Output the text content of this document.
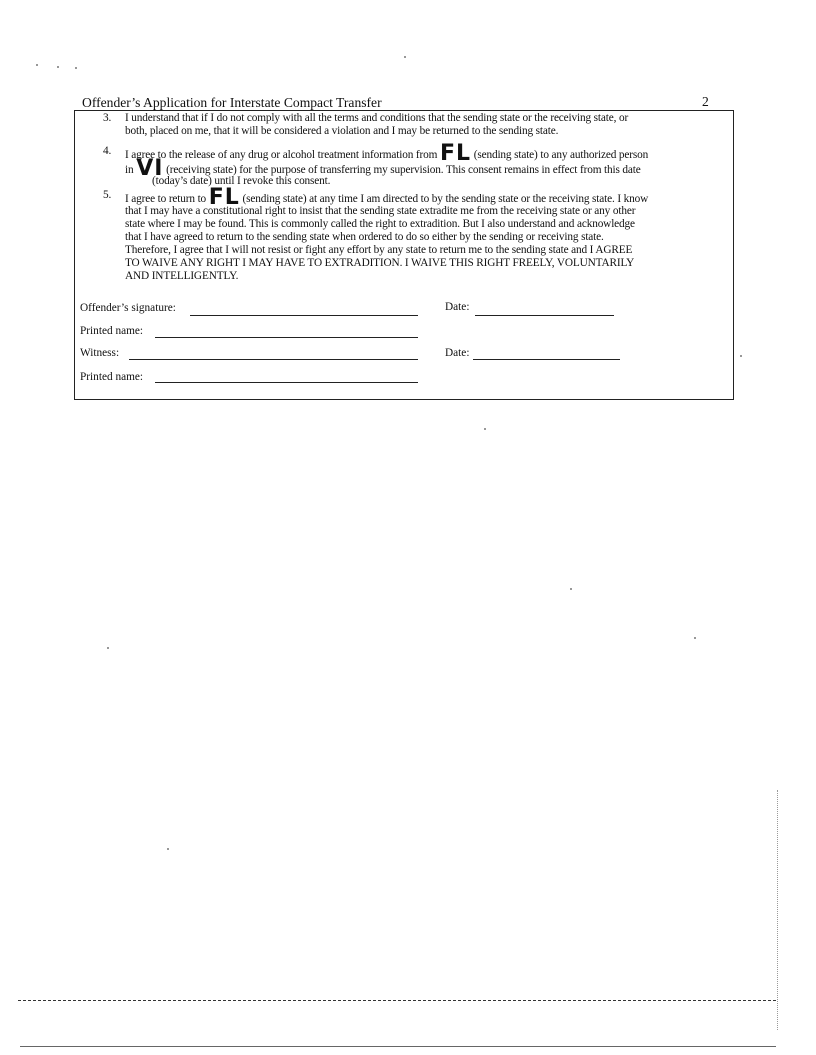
Offender’s Application for Interstate Compact Transfer	2
3. I understand that if I do not comply with all the terms and conditions that the sending state or the receiving state, or
both, placed on me, that it will be considered a violation and I may be returned to the sending state.
4. I agree to the release of any drug or alcohol treatment information from FL (sending state) to any authorized person
in VI (receiving state) for the purpose of transferring my supervision. This consent remains in effect from this date
(today’s date) until I revoke this consent.
5. I agree to return to FL (sending state) at any time I am directed to by the sending state or the receiving state. I know
that I may have a constitutional right to insist that the sending state extradite me from the receiving state or any other
state where I may be found. This is commonly called the right to extradition. But I also understand and acknowledge
that I have agreed to return to the sending state when ordered to do so either by the sending or receiving state.
Therefore, I agree that I will not resist or fight any effort by any state to return me to the sending state and I AGREE
TO WAIVE ANY RIGHT I MAY HAVE TO EXTRADITION. I WAIVE THIS RIGHT FREELY, VOLUNTARILY
AND INTELLIGENTLY.
Offender’s signature:	Date:
Printed name:
Witness:	Date:
Printed name:
